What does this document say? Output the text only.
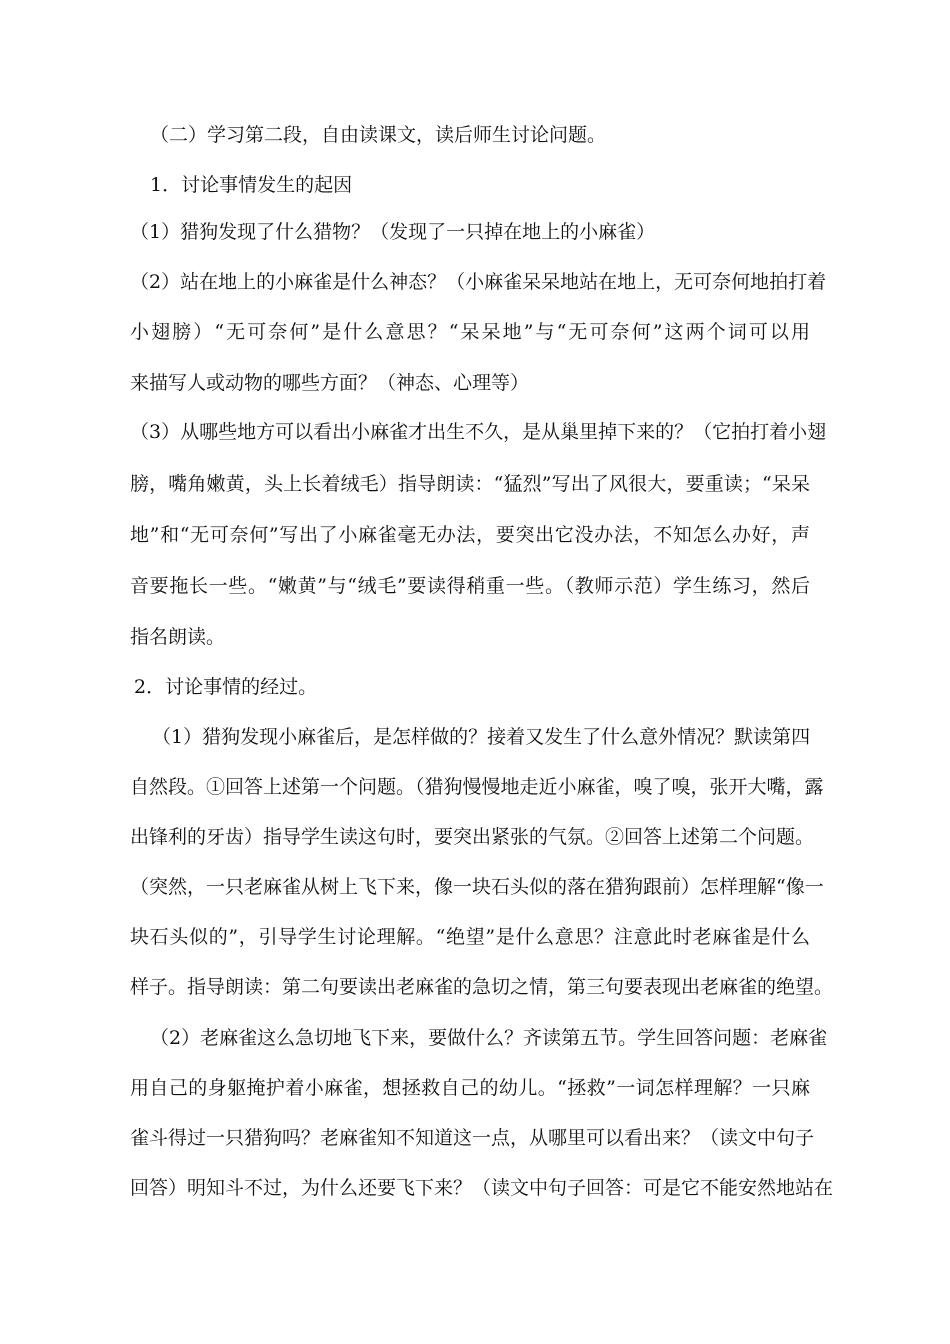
（二）学习第二段，自由读课文，读后师生讨论问题。
1．讨论事情发生的起因
（1）猎狗发现了什么猎物？（发现了一只掉在地上的小麻雀）
（2）站在地上的小麻雀是什么神态？（小麻雀呆呆地站在地上，无可奈何地拍打着
小翅膀）“无可奈何”是什么意思？“呆呆地”与“无可奈何”这两个词可以用
来描写人或动物的哪些方面？（神态、心理等）
（3）从哪些地方可以看出小麻雀才出生不久，是从巢里掉下来的？（它拍打着小翅
膀，嘴角嫩黄，头上长着绒毛）指导朗读：“猛烈”写出了风很大，要重读；“呆呆
地”和“无可奈何”写出了小麻雀毫无办法，要突出它没办法，不知怎么办好，声
音要拖长一些。“嫩黄”与“绒毛”要读得稍重一些。（教师示范）学生练习，然后
指名朗读。
2．讨论事情的经过。
（1）猎狗发现小麻雀后，是怎样做的？接着又发生了什么意外情况？默读第四
自然段。①回答上述第一个问题。（猎狗慢慢地走近小麻雀，嗅了嗅，张开大嘴，露
出锋利的牙齿）指导学生读这句时，要突出紧张的气氛。②回答上述第二个问题。
（突然，一只老麻雀从树上飞下来，像一块石头似的落在猎狗跟前）怎样理解“像一
块石头似的”，引导学生讨论理解。“绝望”是什么意思？注意此时老麻雀是什么
样子。指导朗读：第二句要读出老麻雀的急切之情，第三句要表现出老麻雀的绝望。
（2）老麻雀这么急切地飞下来，要做什么？齐读第五节。学生回答问题：老麻雀
用自己的身躯掩护着小麻雀，想拯救自己的幼儿。“拯救”一词怎样理解？一只麻
雀斗得过一只猎狗吗？老麻雀知不知道这一点，从哪里可以看出来？（读文中句子
回答）明知斗不过，为什么还要飞下来？（读文中句子回答：可是它不能安然地站在
